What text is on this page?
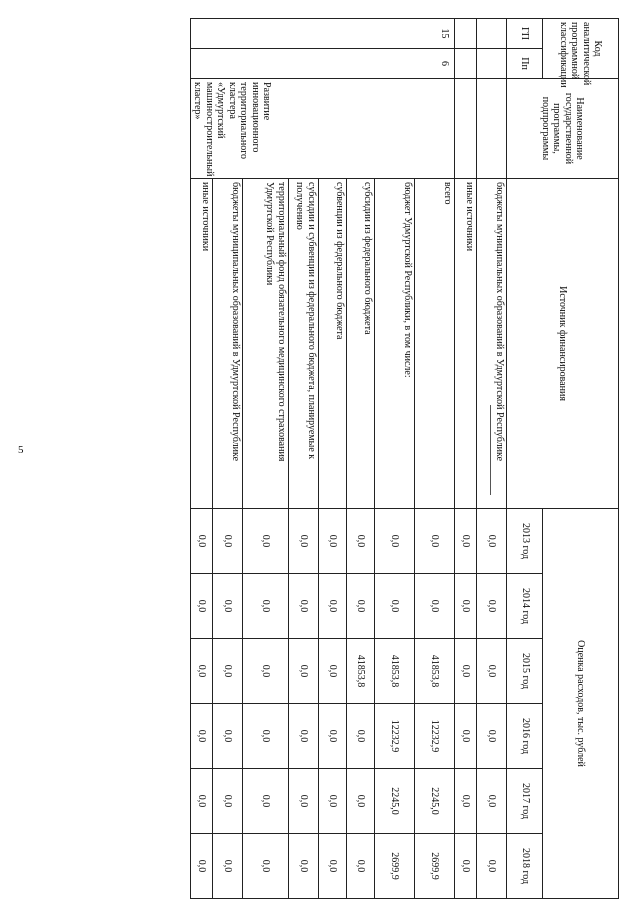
5
Код аналитической программной классификации		Наименование государственной программы, подпрограммы	Источник финансирования	Оценка расходов, тыс. рублей					
ГП	Пп			2013 год	2014 год	2015 год	2016 год	2017 год	2018 год
			бюджеты муниципальных образований в Удмуртской Республике	0,0	0,0	0,0	0,0	0,0	0,0
			иные источники	0,0	0,0	0,0	0,0	0,0	0,0
15	6	Развитие инновационного территориального кластера «Удмуртский машиностроительный кластер»	всего	0,0	0,0	41853,8	12232,9	2245,0	2699,9
			бюджет Удмуртской Республики, в том числе:	0,0	0,0	41853,8	12232,9	2245,0	2699,9
			субсидии из федерального бюджета	0,0	0,0	41853,8	0,0	0,0	0,0
			субвенции из федерального бюджета	0,0	0,0	0,0	0,0	0,0	0,0
			субсидии и субвенции из федерального бюджета, планируемые к получению	0,0	0,0	0,0	0,0	0,0	0,0
			территориальный фонд обязательного медицинского страхования Удмуртской Республики	0,0	0,0	0,0	0,0	0,0	0,0
			бюджеты муниципальных образований в Удмуртской Республике	0,0	0,0	0,0	0,0	0,0	0,0
			иные источники	0,0	0,0	0,0	0,0	0,0	0,0
